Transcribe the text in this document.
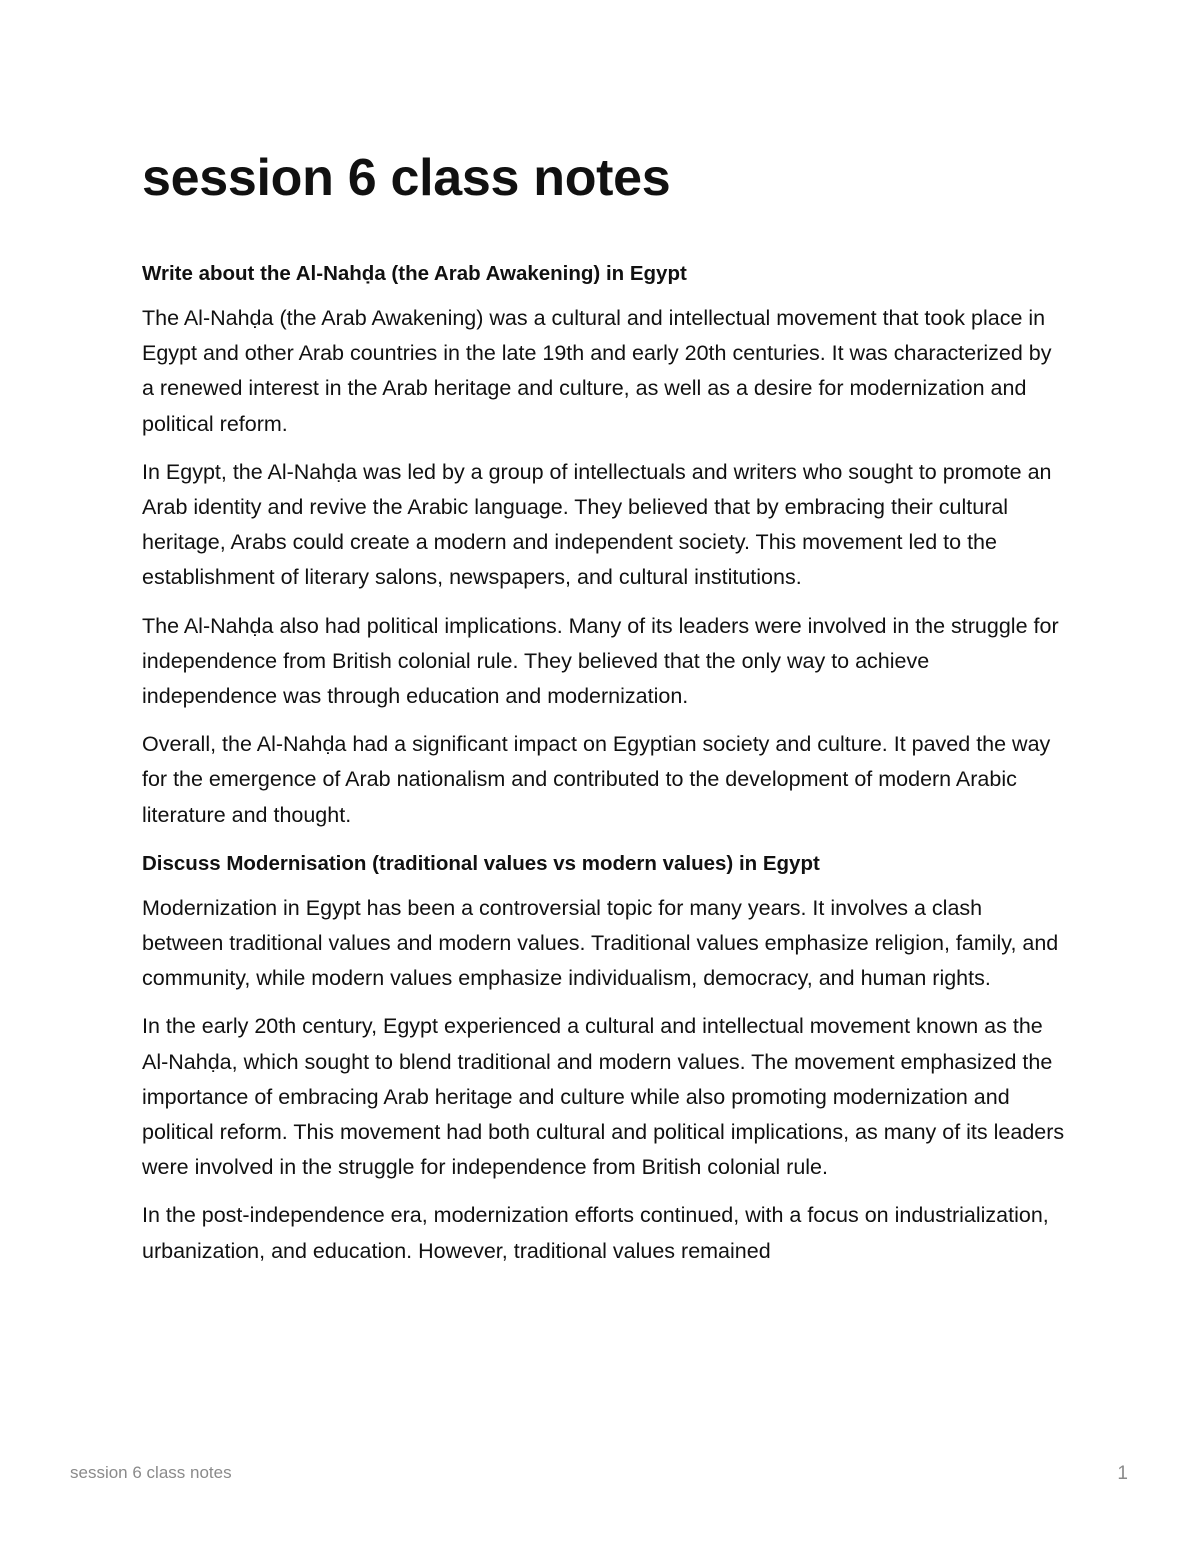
session 6 class notes
Write about the Al-Nahḍa (the Arab Awakening) in Egypt

The Al-Nahḍa (the Arab Awakening) was a cultural and intellectual movement that took place in Egypt and other Arab countries in the late 19th and early 20th centuries. It was characterized by a renewed interest in the Arab heritage and culture, as well as a desire for modernization and political reform.

In Egypt, the Al-Nahḍa was led by a group of intellectuals and writers who sought to promote an Arab identity and revive the Arabic language. They believed that by embracing their cultural heritage, Arabs could create a modern and independent society. This movement led to the establishment of literary salons, newspapers, and cultural institutions.

The Al-Nahḍa also had political implications. Many of its leaders were involved in the struggle for independence from British colonial rule. They believed that the only way to achieve independence was through education and modernization.

Overall, the Al-Nahḍa had a significant impact on Egyptian society and culture. It paved the way for the emergence of Arab nationalism and contributed to the development of modern Arabic literature and thought.

Discuss Modernisation (traditional values vs modern values) in Egypt

Modernization in Egypt has been a controversial topic for many years. It involves a clash between traditional values and modern values. Traditional values emphasize religion, family, and community, while modern values emphasize individualism, democracy, and human rights.

In the early 20th century, Egypt experienced a cultural and intellectual movement known as the Al-Nahḍa, which sought to blend traditional and modern values. The movement emphasized the importance of embracing Arab heritage and culture while also promoting modernization and political reform. This movement had both cultural and political implications, as many of its leaders were involved in the struggle for independence from British colonial rule.

In the post-independence era, modernization efforts continued, with a focus on industrialization, urbanization, and education. However, traditional values remained

session 6 class notes	1
